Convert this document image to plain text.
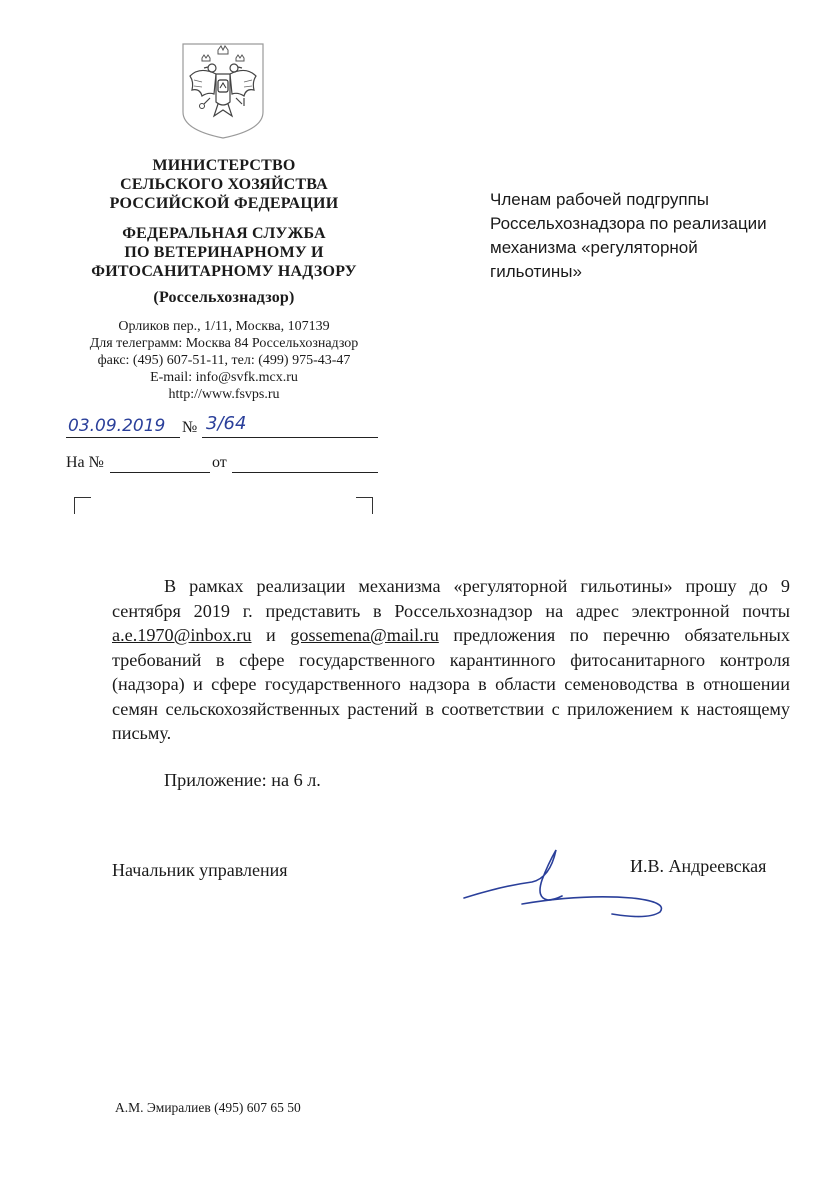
МИНИСТЕРСТВО
СЕЛЬСКОГО ХОЗЯЙСТВА
РОССИЙСКОЙ ФЕДЕРАЦИИ
ФЕДЕРАЛЬНАЯ СЛУЖБА
ПО ВЕТЕРИНАРНОМУ И
ФИТОСАНИТАРНОМУ НАДЗОРУ
(Россельхознадзор)
Орликов пер., 1/11, Москва, 107139
Для телеграмм: Москва 84 Россельхознадзор
факс: (495) 607-51-11, тел: (499) 975-43-47
E-mail: info@svfk.mcx.ru
http://www.fsvps.ru
03.09.2019 № 3/64
На №	от
Членам рабочей подгруппы
Россельхознадзора по реализации
механизма «регуляторной
гильотины»
В рамках реализации механизма «регуляторной гильотины» прошу до 9 сентября 2019 г. представить в Россельхознадзор на адрес электронной почты a.e.1970@inbox.ru и gossemena@mail.ru предложения по перечню обязательных требований в сфере государственного карантинного фитосанитарного контроля (надзора) и сфере государственного надзора в области семеноводства в отношении семян сельскохозяйственных растений в соответствии с приложением к настоящему письму.
Приложение: на 6 л.
Начальник управления	И.В. Андреевская
А.М. Эмиралиев (495) 607 65 50
